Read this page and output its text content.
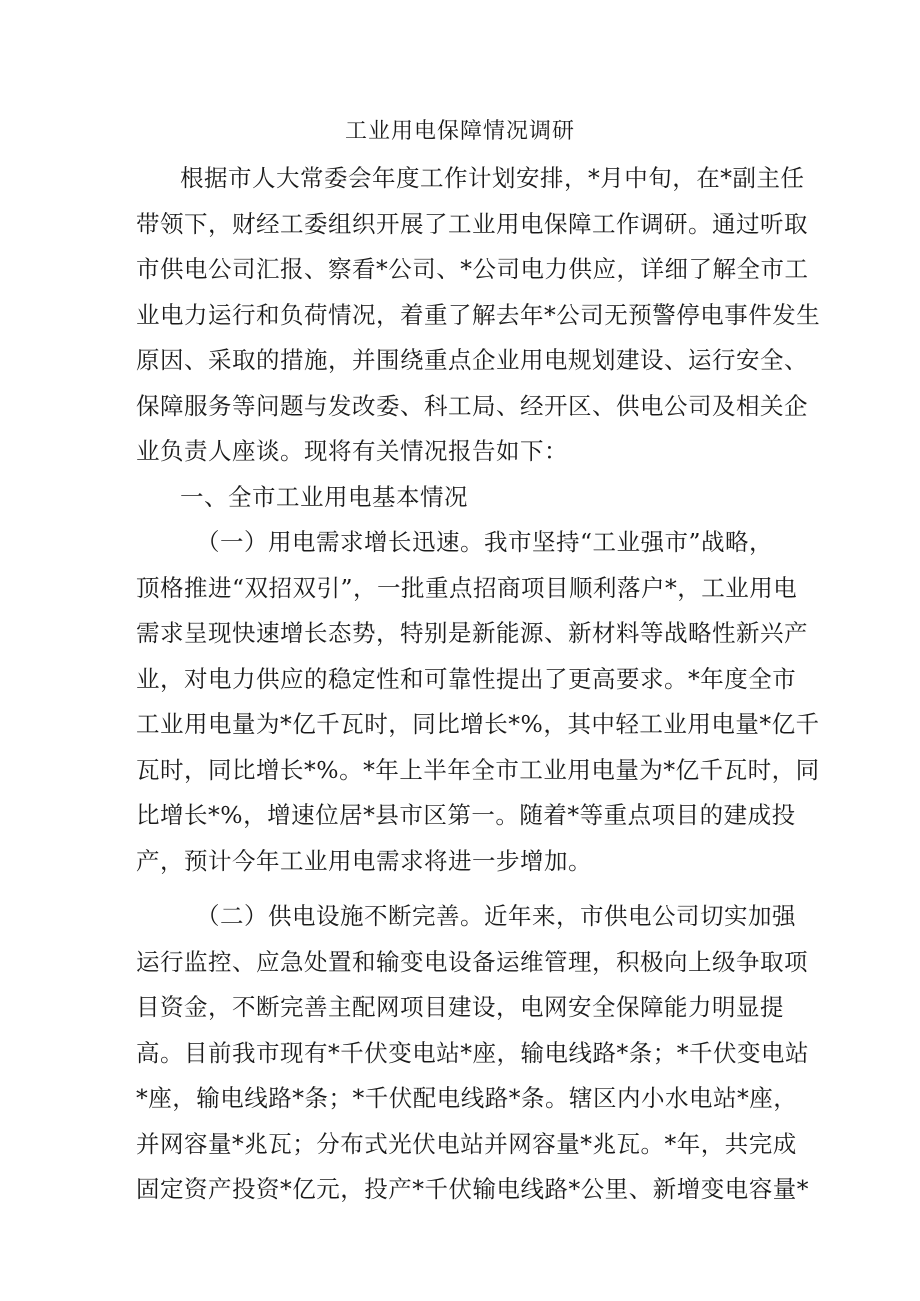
工业用电保障情况调研
根据市人大常委会年度工作计划安排，*月中旬，在*副主任
带领下，财经工委组织开展了工业用电保障工作调研。通过听取
市供电公司汇报、察看*公司、*公司电力供应，详细了解全市工
业电力运行和负荷情况，着重了解去年*公司无预警停电事件发生
原因、采取的措施，并围绕重点企业用电规划建设、运行安全、
保障服务等问题与发改委、科工局、经开区、供电公司及相关企
业负责人座谈。现将有关情况报告如下：
一、全市工业用电基本情况
（一）用电需求增长迅速。我市坚持“工业强市”战略，
顶格推进“双招双引”，一批重点招商项目顺利落户*，工业用电
需求呈现快速增长态势，特别是新能源、新材料等战略性新兴产
业，对电力供应的稳定性和可靠性提出了更高要求。*年度全市
工业用电量为*亿千瓦时，同比增长*%，其中轻工业用电量*亿千
瓦时，同比增长*%。*年上半年全市工业用电量为*亿千瓦时，同
比增长*%，增速位居*县市区第一。随着*等重点项目的建成投
产，预计今年工业用电需求将进一步增加。
（二）供电设施不断完善。近年来，市供电公司切实加强
运行监控、应急处置和输变电设备运维管理，积极向上级争取项
目资金，不断完善主配网项目建设，电网安全保障能力明显提
高。目前我市现有*千伏变电站*座，输电线路*条；*千伏变电站
*座，输电线路*条；*千伏配电线路*条。辖区内小水电站*座，
并网容量*兆瓦；分布式光伏电站并网容量*兆瓦。*年，共完成
固定资产投资*亿元，投产*千伏输电线路*公里、新增变电容量*
